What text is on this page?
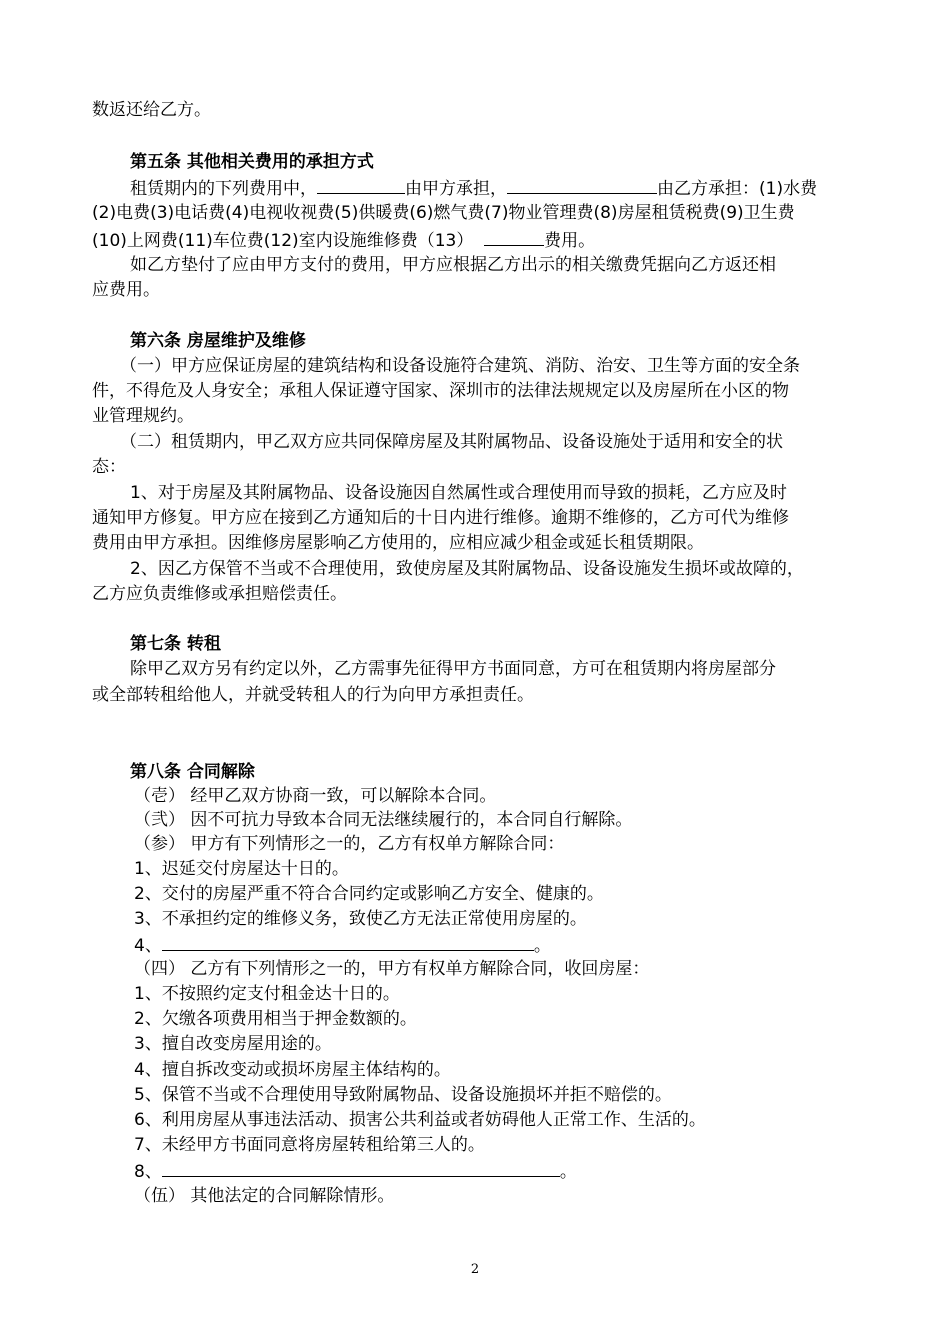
数返还给乙方。
第五条 其他相关费用的承担方式
租赁期内的下列费用中，	由甲方承担，	由乙方承担：(1)水费
(2)电费(3)电话费(4)电视收视费(5)供暖费(6)燃气费(7)物业管理费(8)房屋租赁税费(9)卫生费
(10)上网费(11)车位费(12)室内设施维修费（13）	费用。
如乙方垫付了应由甲方支付的费用，甲方应根据乙方出示的相关缴费凭据向乙方返还相
应费用。
第六条 房屋维护及维修
（一）甲方应保证房屋的建筑结构和设备设施符合建筑、消防、治安、卫生等方面的安全条
件，不得危及人身安全；承租人保证遵守国家、深圳市的法律法规规定以及房屋所在小区的物
业管理规约。
（二）租赁期内，甲乙双方应共同保障房屋及其附属物品、设备设施处于适用和安全的状
态：
1、对于房屋及其附属物品、设备设施因自然属性或合理使用而导致的损耗，乙方应及时
通知甲方修复。甲方应在接到乙方通知后的十日内进行维修。逾期不维修的，乙方可代为维修
费用由甲方承担。因维修房屋影响乙方使用的，应相应减少租金或延长租赁期限。
2、因乙方保管不当或不合理使用，致使房屋及其附属物品、设备设施发生损坏或故障的，
乙方应负责维修或承担赔偿责任。
第七条 转租
除甲乙双方另有约定以外，乙方需事先征得甲方书面同意，方可在租赁期内将房屋部分
或全部转租给他人，并就受转租人的行为向甲方承担责任。
第八条 合同解除
（壱） 经甲乙双方协商一致，可以解除本合同。
（弐） 因不可抗力导致本合同无法继续履行的，本合同自行解除。
（参） 甲方有下列情形之一的，乙方有权单方解除合同：
1、迟延交付房屋达十日的。
2、交付的房屋严重不符合合同约定或影响乙方安全、健康的。
3、不承担约定的维修义务，致使乙方无法正常使用房屋的。
4、	。
（四） 乙方有下列情形之一的，甲方有权单方解除合同，收回房屋：
1、不按照约定支付租金达十日的。
2、欠缴各项费用相当于押金数额的。
3、擅自改变房屋用途的。
4、擅自拆改变动或损坏房屋主体结构的。
5、保管不当或不合理使用导致附属物品、设备设施损坏并拒不赔偿的。
6、利用房屋从事违法活动、损害公共利益或者妨碍他人正常工作、生活的。
7、未经甲方书面同意将房屋转租给第三人的。
8、	。
（伍） 其他法定的合同解除情形。
2
